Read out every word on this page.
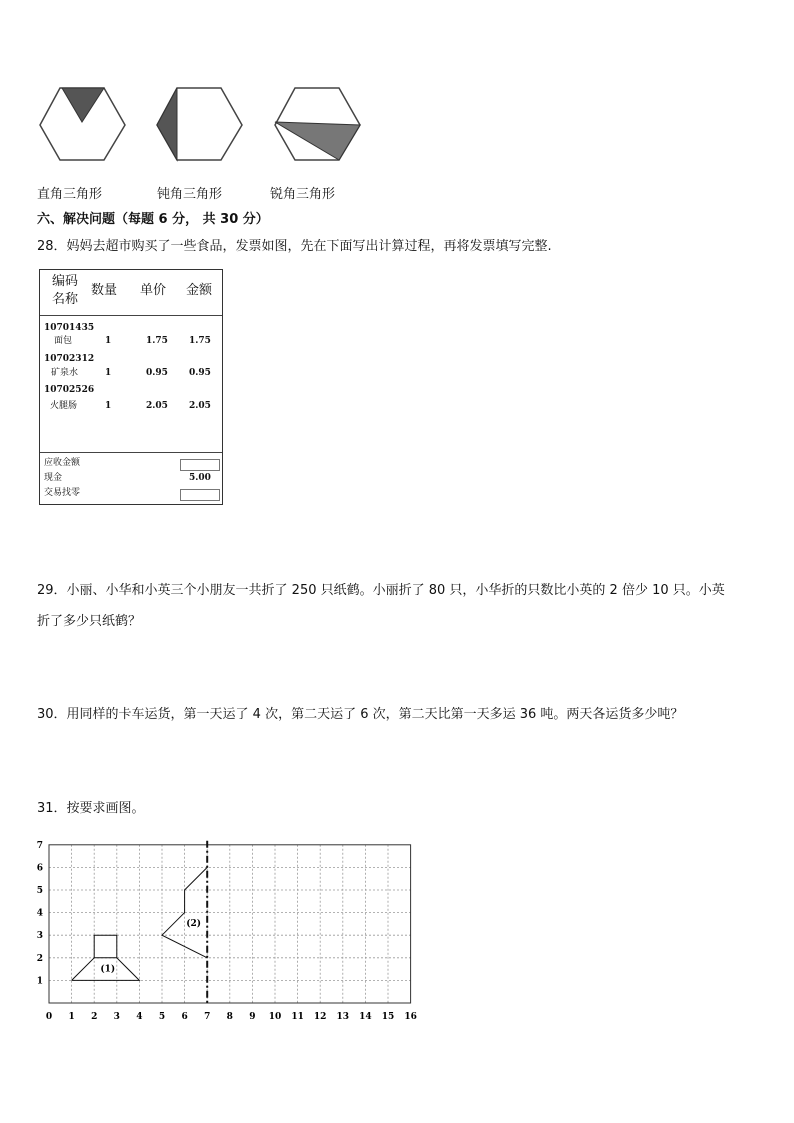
直角三角形	钝角三角形	锐角三角形
六、解决问题（每题 6 分， 共 30 分）
28．妈妈去超市购买了一些食品，发票如图，先在下面写出计算过程，再将发票填写完整.
编码
名称
数量 单价 金额
10701435
面包	1	1.75 1.75
10702312
矿泉水	1	0.95 0.95
10702526
火腿肠	1	2.05 2.05
应收金额
现金	5.00
交易找零
29．小丽、小华和小英三个小朋友一共折了 250 只纸鹤。小丽折了 80 只，小华折的只数比小英的 2 倍少 10 只。小英
折了多少只纸鹤？
30．用同样的卡车运货，第一天运了 4 次，第二天运了 6 次，第二天比第一天多运 36 吨。两天各运货多少吨？
31．按要求画图。
0 1 2 3 4 5 6 7 8 9 10 11 12 13 14 15 16
1
2
3
4
5
6
7
(1)
(2)
